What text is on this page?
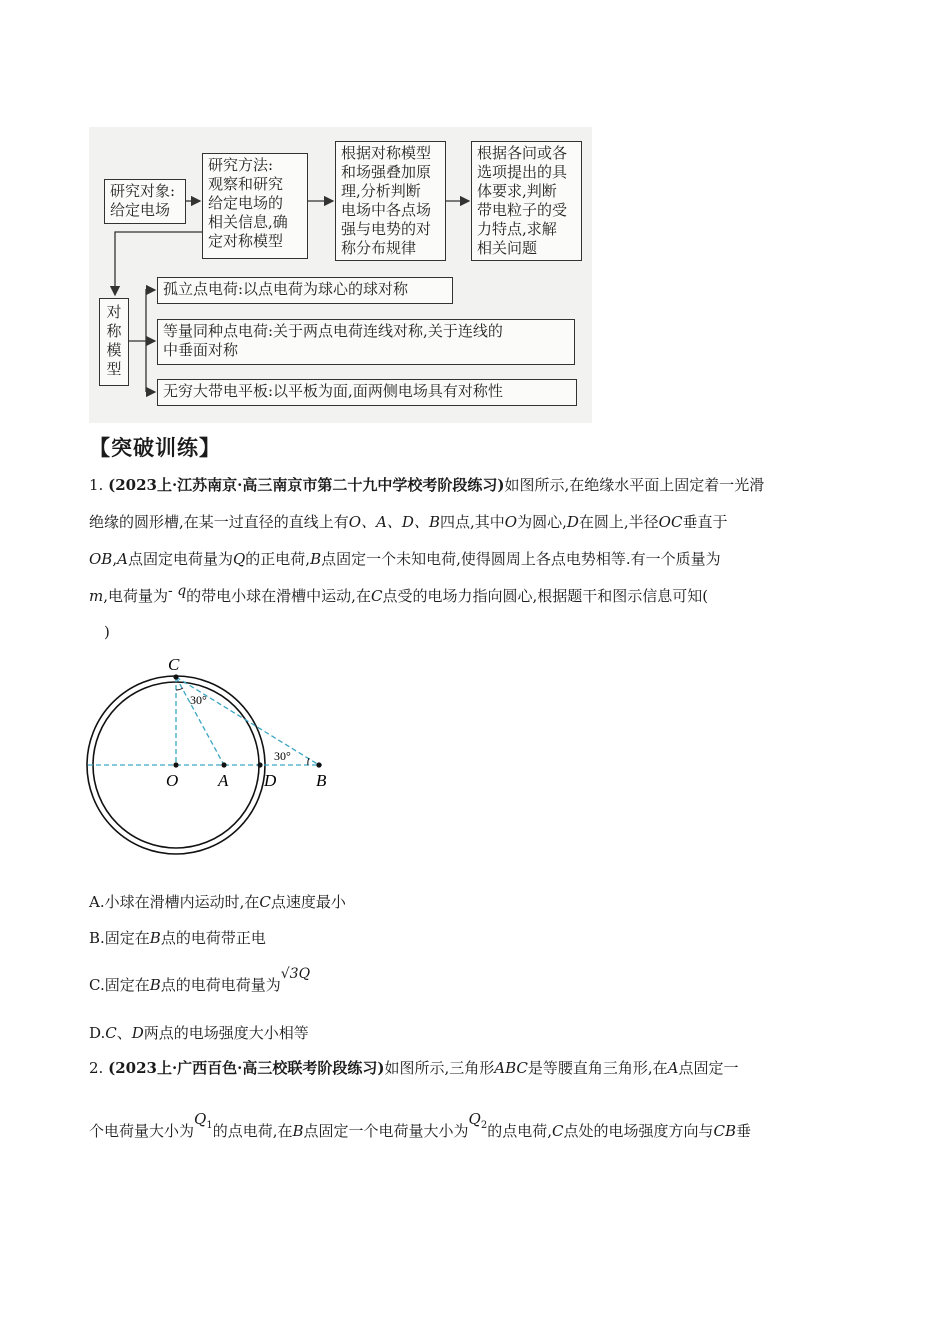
研究对象:
给定电场
研究方法:
观察和研究
给定电场的
相关信息,确
定对称模型
根据对称模型
和场强叠加原
理,分析判断
电场中各点场
强与电势的对
称分布规律
根据各问或各
选项提出的具
体要求,判断
带电粒子的受
力特点,求解
相关问题
对
称
模
型
孤立点电荷:以点电荷为球心的球对称
等量同种点电荷:关于两点电荷连线对称,关于连线的
中垂面对称
无穷大带电平板:以平板为面,面两侧电场具有对称性
【突破训练】
1. (2023上·江苏南京·高三南京市第二十九中学校考阶段练习)如图所示,在绝缘水平面上固定着一光滑
绝缘的圆形槽,在某一过直径的直线上有O、A、D、B四点,其中O为圆心,D在圆上,半径OC垂直于
OB,A点固定电荷量为Q的正电荷,B点固定一个未知电荷,使得圆周上各点电势相等.有一个质量为
m,电荷量为- q的带电小球在滑槽中运动,在C点受的电场力指向圆心,根据题干和图示信息可知(
)
C
O A D B
30°
30°
A.小球在滑槽内运动时,在C点速度最小
B.固定在B点的电荷带正电
C.固定在B点的电荷电荷量为√3Q
D.C、D两点的电场强度大小相等
2. (2023上·广西百色·高三校联考阶段练习)如图所示,三角形ABC是等腰直角三角形,在A点固定一
个电荷量大小为$Q_1$的点电荷,在B点固定一个电荷量大小为$Q_2$的点电荷,C点处的电场强度方向与CB垂
